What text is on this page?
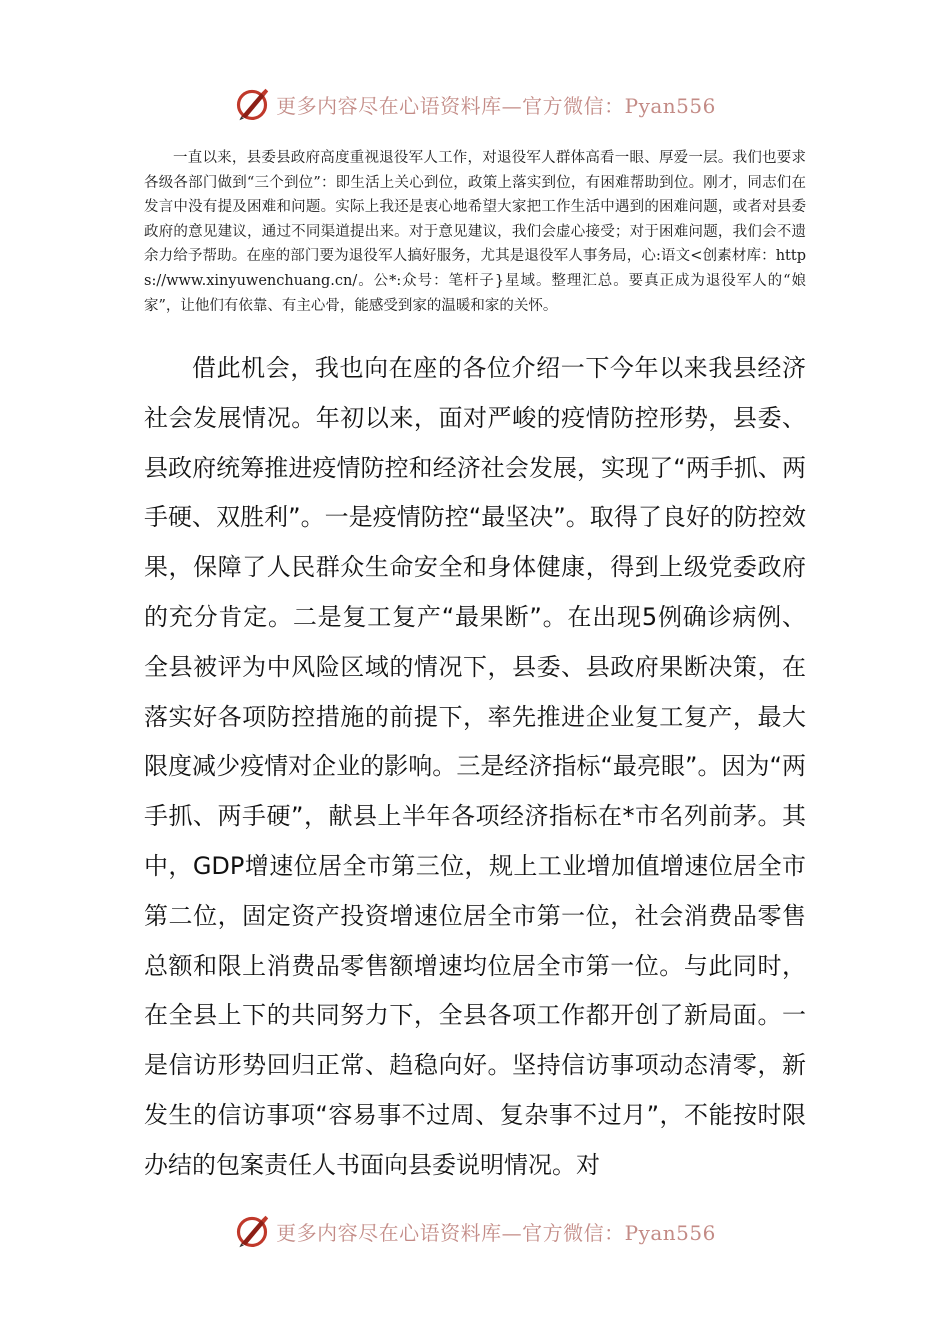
更多内容尽在心语资料库—官方微信：Pyan556

一直以来，县委县政府高度重视退役军人工作，对退役军人群体高看一眼、厚爱一层。我们也要求各级各部门做到“三个到位”：即生活上关心到位，政策上落实到位，有困难帮助到位。刚才，同志们在发言中没有提及困难和问题。实际上我还是衷心地希望大家把工作生活中遇到的困难问题，或者对县委政府的意见建议，通过不同渠道提出来。对于意见建议，我们会虚心接受；对于困难问题，我们会不遗余力给予帮助。在座的部门要为退役军人搞好服务，尤其是退役军人事务局，心:语文<创素材库：https://www.xinyuwenchuang.cn/。公*:众号：笔杆子}星域。整理汇总。要真正成为退役军人的“娘家”，让他们有依靠、有主心骨，能感受到家的温暖和家的关怀。

借此机会，我也向在座的各位介绍一下今年以来我县经济社会发展情况。年初以来，面对严峻的疫情防控形势，县委、县政府统筹推进疫情防控和经济社会发展，实现了“两手抓、两手硬、双胜利”。一是疫情防控“最坚决”。取得了良好的防控效果，保障了人民群众生命安全和身体健康，得到上级党委政府的充分肯定。二是复工复产“最果断”。在出现5例确诊病例、全县被评为中风险区域的情况下，县委、县政府果断决策，在落实好各项防控措施的前提下，率先推进企业复工复产，最大限度减少疫情对企业的影响。三是经济指标“最亮眼”。因为“两手抓、两手硬”，献县上半年各项经济指标在*市名列前茅。其中，GDP增速位居全市第三位，规上工业增加值增速位居全市第二位，固定资产投资增速位居全市第一位，社会消费品零售总额和限上消费品零售额增速均位居全市第一位。与此同时，在全县上下的共同努力下，全县各项工作都开创了新局面。一是信访形势回归正常、趋稳向好。坚持信访事项动态清零，新发生的信访事项“容易事不过周、复杂事不过月”，不能按时限办结的包案责任人书面向县委说明情况。对

更多内容尽在心语资料库—官方微信：Pyan556
